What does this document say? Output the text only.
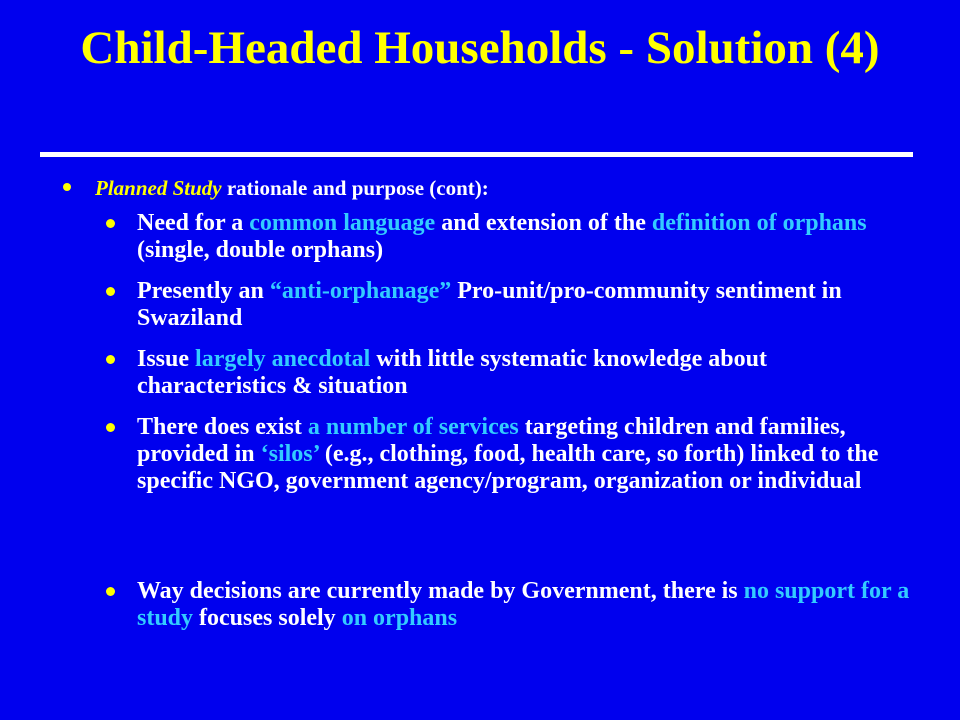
Child-Headed Households - Solution (4)
Planned Study rationale and purpose (cont):
Need for a common language and extension of the definition of orphans (single, double orphans)
Presently an “anti-orphanage” Pro-unit/pro-community sentiment in Swaziland
Issue largely anecdotal with little systematic knowledge about characteristics & situation
There does exist a number of services targeting children and families, provided in ‘silos’ (e.g., clothing, food, health care, so forth) linked to the specific NGO, government agency/program, organization or individual
Way decisions are currently made by Government, there is no support for a study focuses solely on orphans
